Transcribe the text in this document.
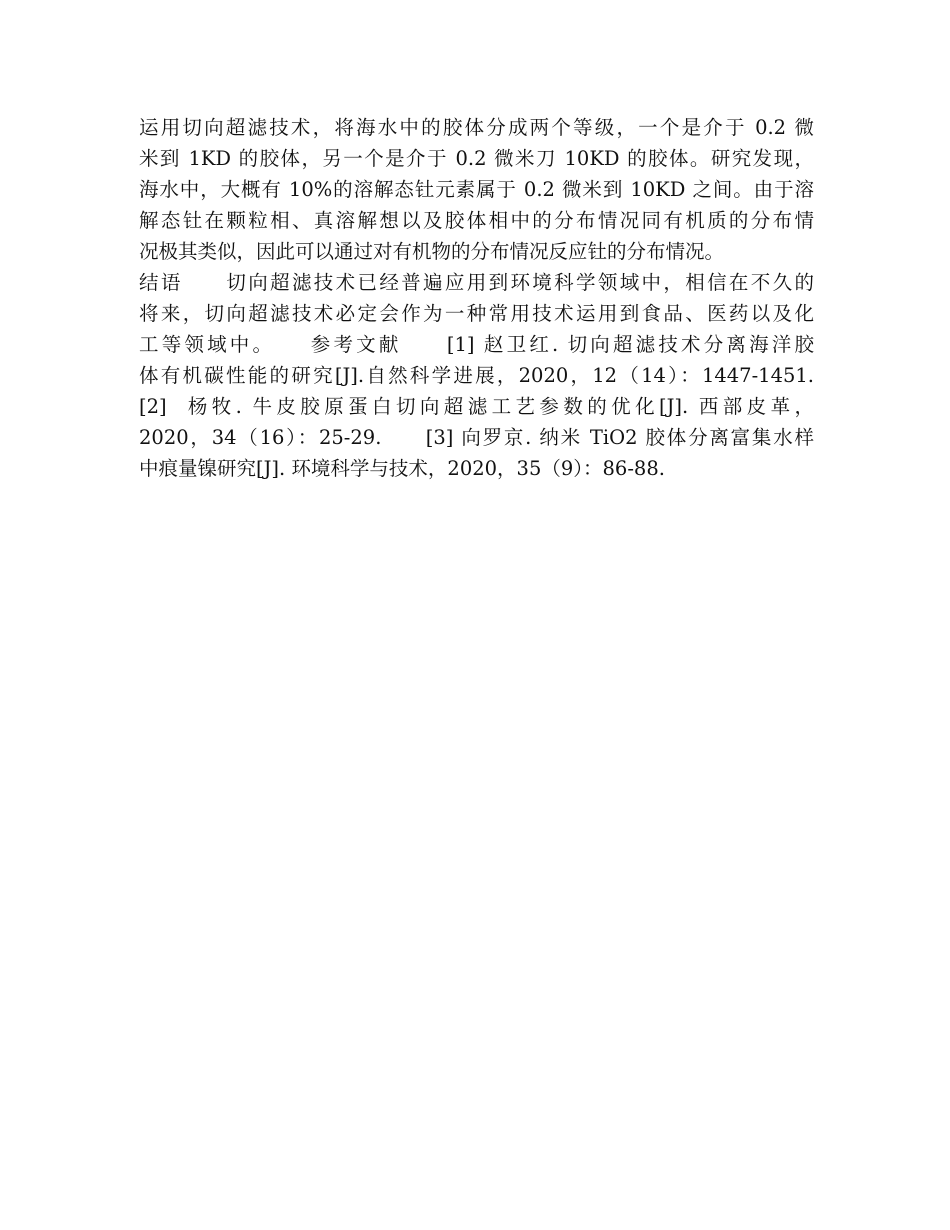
运用切向超滤技术，将海水中的胶体分成两个等级，一个是介于 0.2 微
米到 1KD 的胶体，另一个是介于 0.2 微米刀 10KD 的胶体。研究发现，
海水中，大概有 10%的溶解态钍元素属于 0.2 微米到 10KD 之间。由于溶
解态钍在颗粒相、真溶解想以及胶体相中的分布情况同有机质的分布情
况极其类似，因此可以通过对有机物的分布情况反应钍的分布情况。
结语　　切向超滤技术已经普遍应用到环境科学领域中，相信在不久的
将来，切向超滤技术必定会作为一种常用技术运用到食品、医药以及化
工等领域中。　　参考文献　　[1] 赵卫红. 切向超滤技术分离海洋胶
体有机碳性能的研究[J].自然科学进展，2020，12（14）：1447-1451.
[2]  杨牧. 牛皮胶原蛋白切向超滤工艺参数的优化[J]. 西部皮革，
2020，34（16）：25-29.　　[3] 向罗京. 纳米 TiO2 胶体分离富集水样
中痕量镍研究[J]. 环境科学与技术，2020，35（9）：86-88.
